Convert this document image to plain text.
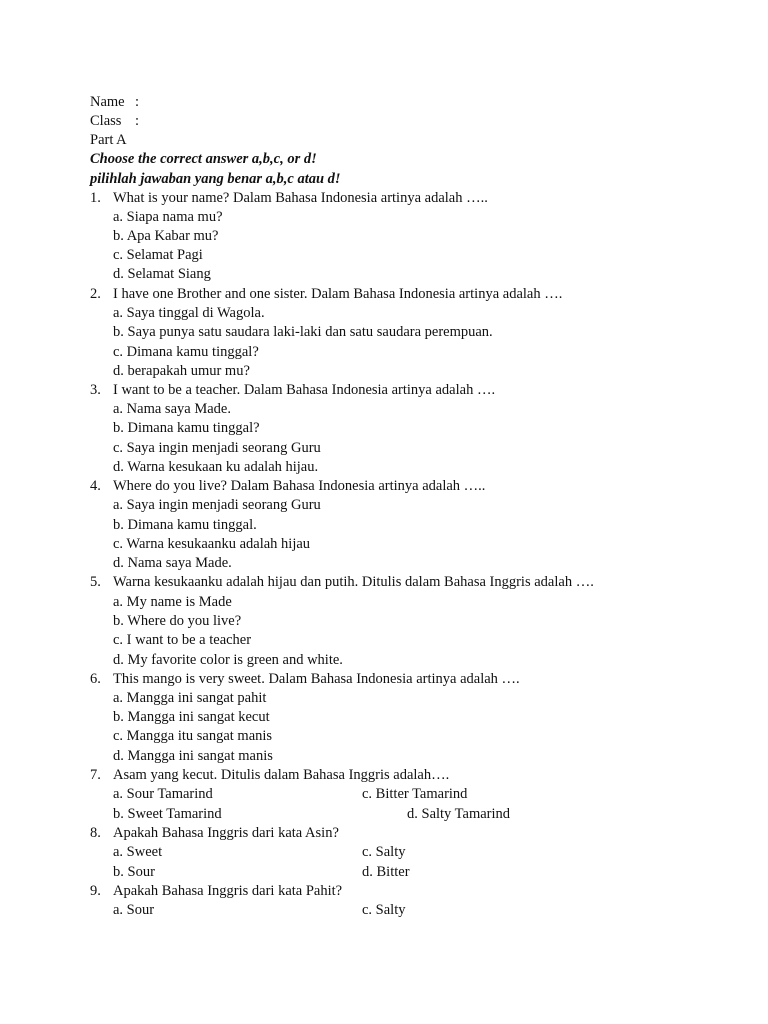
Name :
Class :
Part A
Choose the correct answer a,b,c, or d!
pilihlah jawaban yang benar a,b,c atau d!
1. What is your name? Dalam Bahasa Indonesia artinya adalah …..
a. Siapa nama mu?
b. Apa Kabar mu?
c. Selamat Pagi
d. Selamat Siang
2. I have one Brother and one sister. Dalam Bahasa Indonesia artinya adalah ….
a. Saya tinggal di Wagola.
b. Saya punya satu saudara laki-laki dan satu saudara perempuan.
c. Dimana kamu tinggal?
d. berapakah umur mu?
3. I want to be a teacher. Dalam Bahasa Indonesia artinya adalah ….
a. Nama saya Made.
b. Dimana kamu tinggal?
c. Saya ingin menjadi seorang Guru
d. Warna kesukaan ku adalah hijau.
4. Where do you live? Dalam Bahasa Indonesia artinya adalah …..
a. Saya ingin menjadi seorang Guru
b. Dimana kamu tinggal.
c. Warna kesukaanku adalah hijau
d. Nama saya Made.
5. Warna kesukaanku adalah hijau dan putih. Ditulis dalam Bahasa Inggris adalah ….
a. My name is Made
b. Where do you live?
c. I want to be a teacher
d. My favorite color is green and white.
6. This mango is very sweet. Dalam Bahasa Indonesia artinya adalah ….
a. Mangga ini sangat pahit
b. Mangga ini sangat kecut
c. Mangga itu sangat manis
d. Mangga ini sangat manis
7. Asam yang kecut. Ditulis dalam Bahasa Inggris adalah….
a. Sour Tamarind	c. Bitter Tamarind
b. Sweet Tamarind	d. Salty Tamarind
8. Apakah Bahasa Inggris dari kata Asin?
a. Sweet	c. Salty
b. Sour	d. Bitter
9. Apakah Bahasa Inggris dari kata Pahit?
a. Sour	c. Salty
